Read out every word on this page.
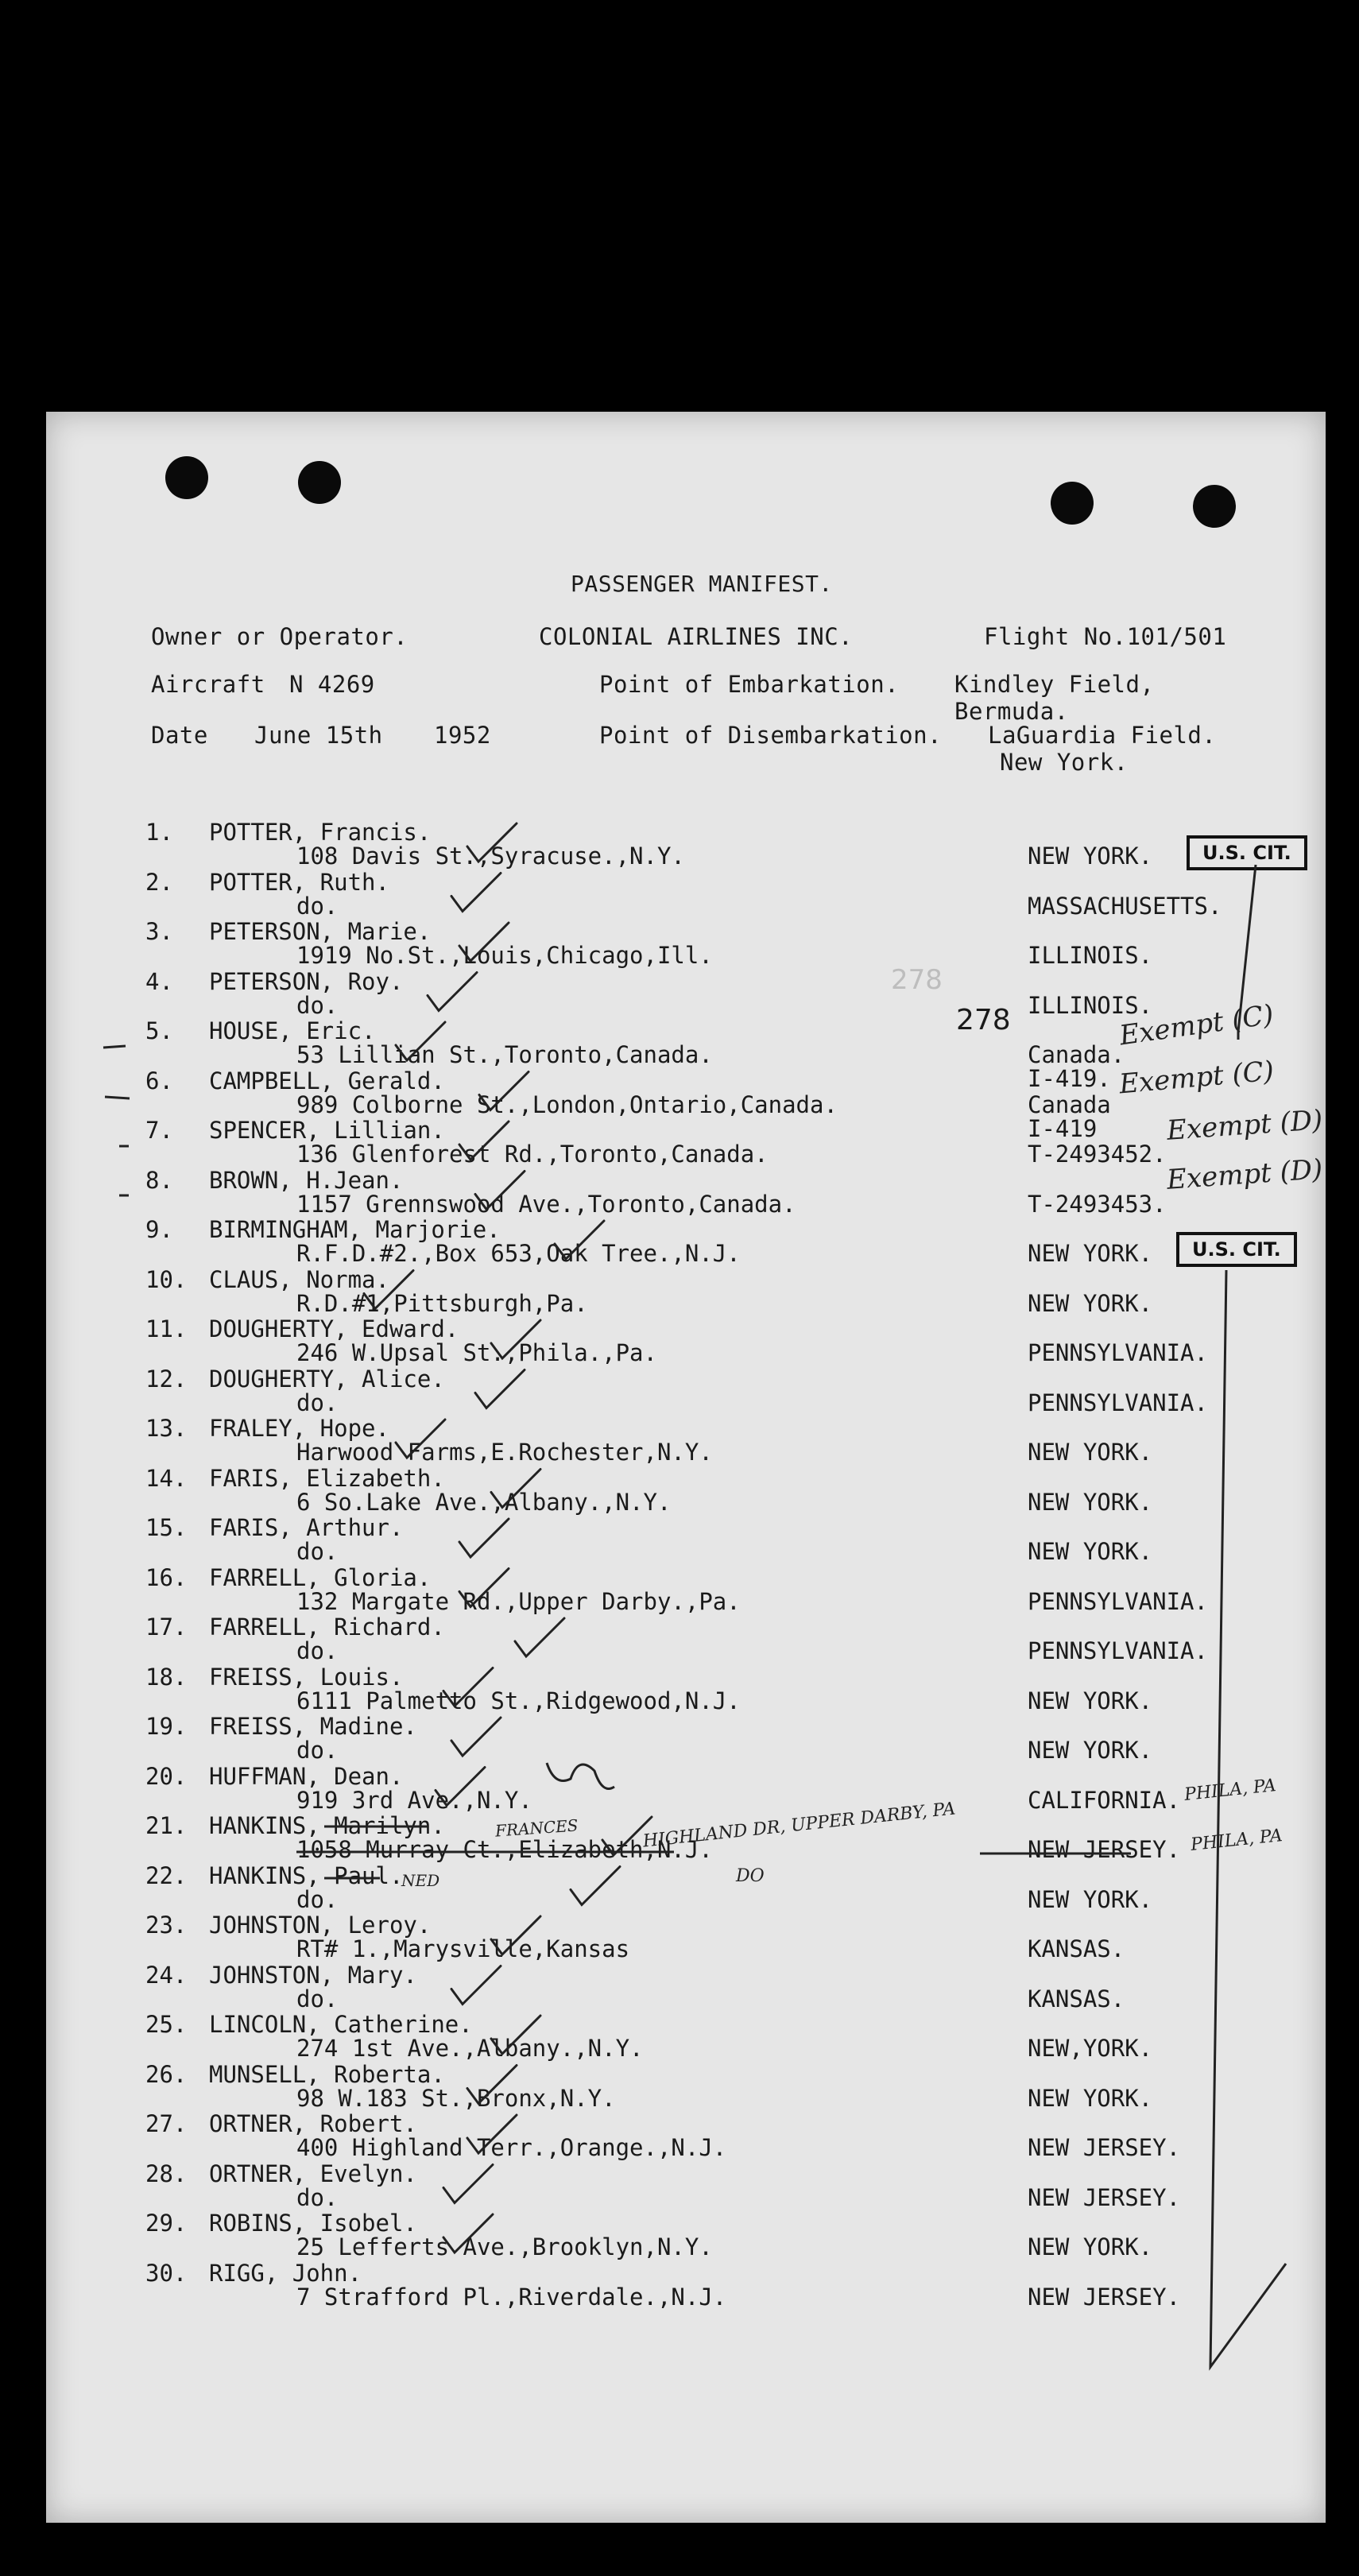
PASSENGER MANIFEST.
Owner or Operator.	COLONIAL AIRLINES INC.	Flight No.101/501
Aircraft N 4269	Point of Embarkation. Kindley Field,
Bermuda.
Date June 15th 1952	Point of Disembarkation. LaGuardia Field.
New York.
1.	POTTER, Francis.
108 Davis St.,Syracuse.,N.Y.	NEW YORK.
2.	POTTER, Ruth.
do.	MASSACHUSETTS.
3.	PETERSON, Marie.
1919 No.St.,Louis,Chicago,Ill.	ILLINOIS.
4.	PETERSON, Roy.
do.	ILLINOIS.
5.	HOUSE, Eric.
53 Lillian St.,Toronto,Canada.	Canada.
I-419.
6.	CAMPBELL, Gerald.
989 Colborne St.,London,Ontario,Canada.	Canada
I-419
7.	SPENCER, Lillian.
136 Glenforest Rd.,Toronto,Canada.	T-2493452.
8.	BROWN, H.Jean.
1157 Grennswood Ave.,Toronto,Canada.	T-2493453.
9.	BIRMINGHAM, Marjorie.
R.F.D.#2.,Box 653,Oak Tree.,N.J.	NEW YORK.
10. CLAUS, Norma.
R.D.#1,Pittsburgh,Pa.	NEW YORK.
11. DOUGHERTY, Edward.
246 W.Upsal St.,Phila.,Pa.	PENNSYLVANIA.
12. DOUGHERTY, Alice.
do.	PENNSYLVANIA.
13. FRALEY, Hope.
Harwood Farms,E.Rochester,N.Y.	NEW YORK.
14. FARIS, Elizabeth.
6 So.Lake Ave.,Albany.,N.Y.	NEW YORK.
15. FARIS, Arthur.
do.	NEW YORK.
16. FARRELL, Gloria.
132 Margate Rd.,Upper Darby.,Pa.	PENNSYLVANIA.
17. FARRELL, Richard.
do.	PENNSYLVANIA.
18. FREISS, Louis.
6111 Palmetto St.,Ridgewood,N.J.	NEW YORK.
19. FREISS, Madine.
do.	NEW YORK.
20. HUFFMAN, Dean.
919 3rd Ave.,N.Y.	CALIFORNIA.
21. HANKINS, Marilyn.
1058 Murray Ct.,Elizabeth,N.J.	NEW JERSEY.
22. HANKINS, Paul.
do.	NEW YORK.
23. JOHNSTON, Leroy.
RT# 1.,Marysville,Kansas	KANSAS.
24. JOHNSTON, Mary.
do.	KANSAS.
25. LINCOLN, Catherine.
274 1st Ave.,Albany.,N.Y.	NEW,YORK.
26. MUNSELL, Roberta.
98 W.183 St.,Bronx,N.Y.	NEW YORK.
27. ORTNER, Robert.
400 Highland Terr.,Orange.,N.J.	NEW JERSEY.
28. ORTNER, Evelyn.
do.	NEW JERSEY.
29. ROBINS, Isobel.
25 Lefferts Ave.,Brooklyn,N.Y.	NEW YORK.
30. RIGG, John.
7 Strafford Pl.,Riverdale.,N.J.	NEW JERSEY.
278
278
U.S. CIT.
U.S. CIT.
Exempt (C)
Exempt (C)
Exempt (D)
Exempt (D)
FRANCES	HIGHLAND DR, UPPER DARBY, PA
NED	DO
PHILA, PA
PHILA, PA
